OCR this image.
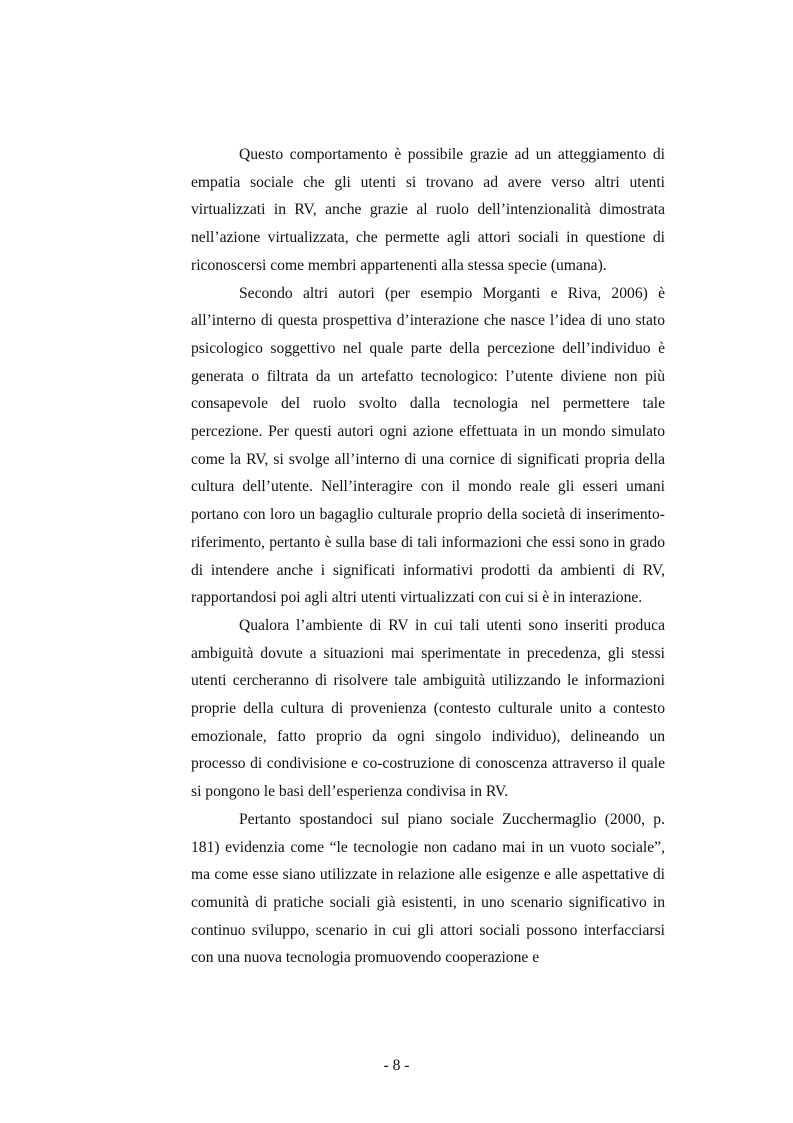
Questo comportamento è possibile grazie ad un atteggiamento di empatia sociale che gli utenti si trovano ad avere verso altri utenti virtualizzati in RV, anche grazie al ruolo dell’intenzionalità dimostrata nell’azione virtualizzata, che permette agli attori sociali in questione di riconoscersi come membri appartenenti alla stessa specie (umana).

Secondo altri autori (per esempio Morganti e Riva, 2006) è all’interno di questa prospettiva d’interazione che nasce l’idea di uno stato psicologico soggettivo nel quale parte della percezione dell’individuo è generata o filtrata da un artefatto tecnologico: l’utente diviene non più consapevole del ruolo svolto dalla tecnologia nel permettere tale percezione. Per questi autori ogni azione effettuata in un mondo simulato come la RV, si svolge all’interno di una cornice di significati propria della cultura dell’utente. Nell’interagire con il mondo reale gli esseri umani portano con loro un bagaglio culturale proprio della società di inserimento-riferimento, pertanto è sulla base di tali informazioni che essi sono in grado di intendere anche i significati informativi prodotti da ambienti di RV, rapportandosi poi agli altri utenti virtualizzati con cui si è in interazione.

Qualora l’ambiente di RV in cui tali utenti sono inseriti produca ambiguità dovute a situazioni mai sperimentate in precedenza, gli stessi utenti cercheranno di risolvere tale ambiguità utilizzando le informazioni proprie della cultura di provenienza (contesto culturale unito a contesto emozionale, fatto proprio da ogni singolo individuo), delineando un processo di condivisione e co-costruzione di conoscenza attraverso il quale si pongono le basi dell’esperienza condivisa in RV.

Pertanto spostandoci sul piano sociale Zucchermaglio (2000, p. 181) evidenzia come “le tecnologie non cadano mai in un vuoto sociale”, ma come esse siano utilizzate in relazione alle esigenze e alle aspettative di comunità di pratiche sociali già esistenti, in uno scenario significativo in continuo sviluppo, scenario in cui gli attori sociali possono interfacciarsi con una nuova tecnologia promuovendo cooperazione e

- 8 -
